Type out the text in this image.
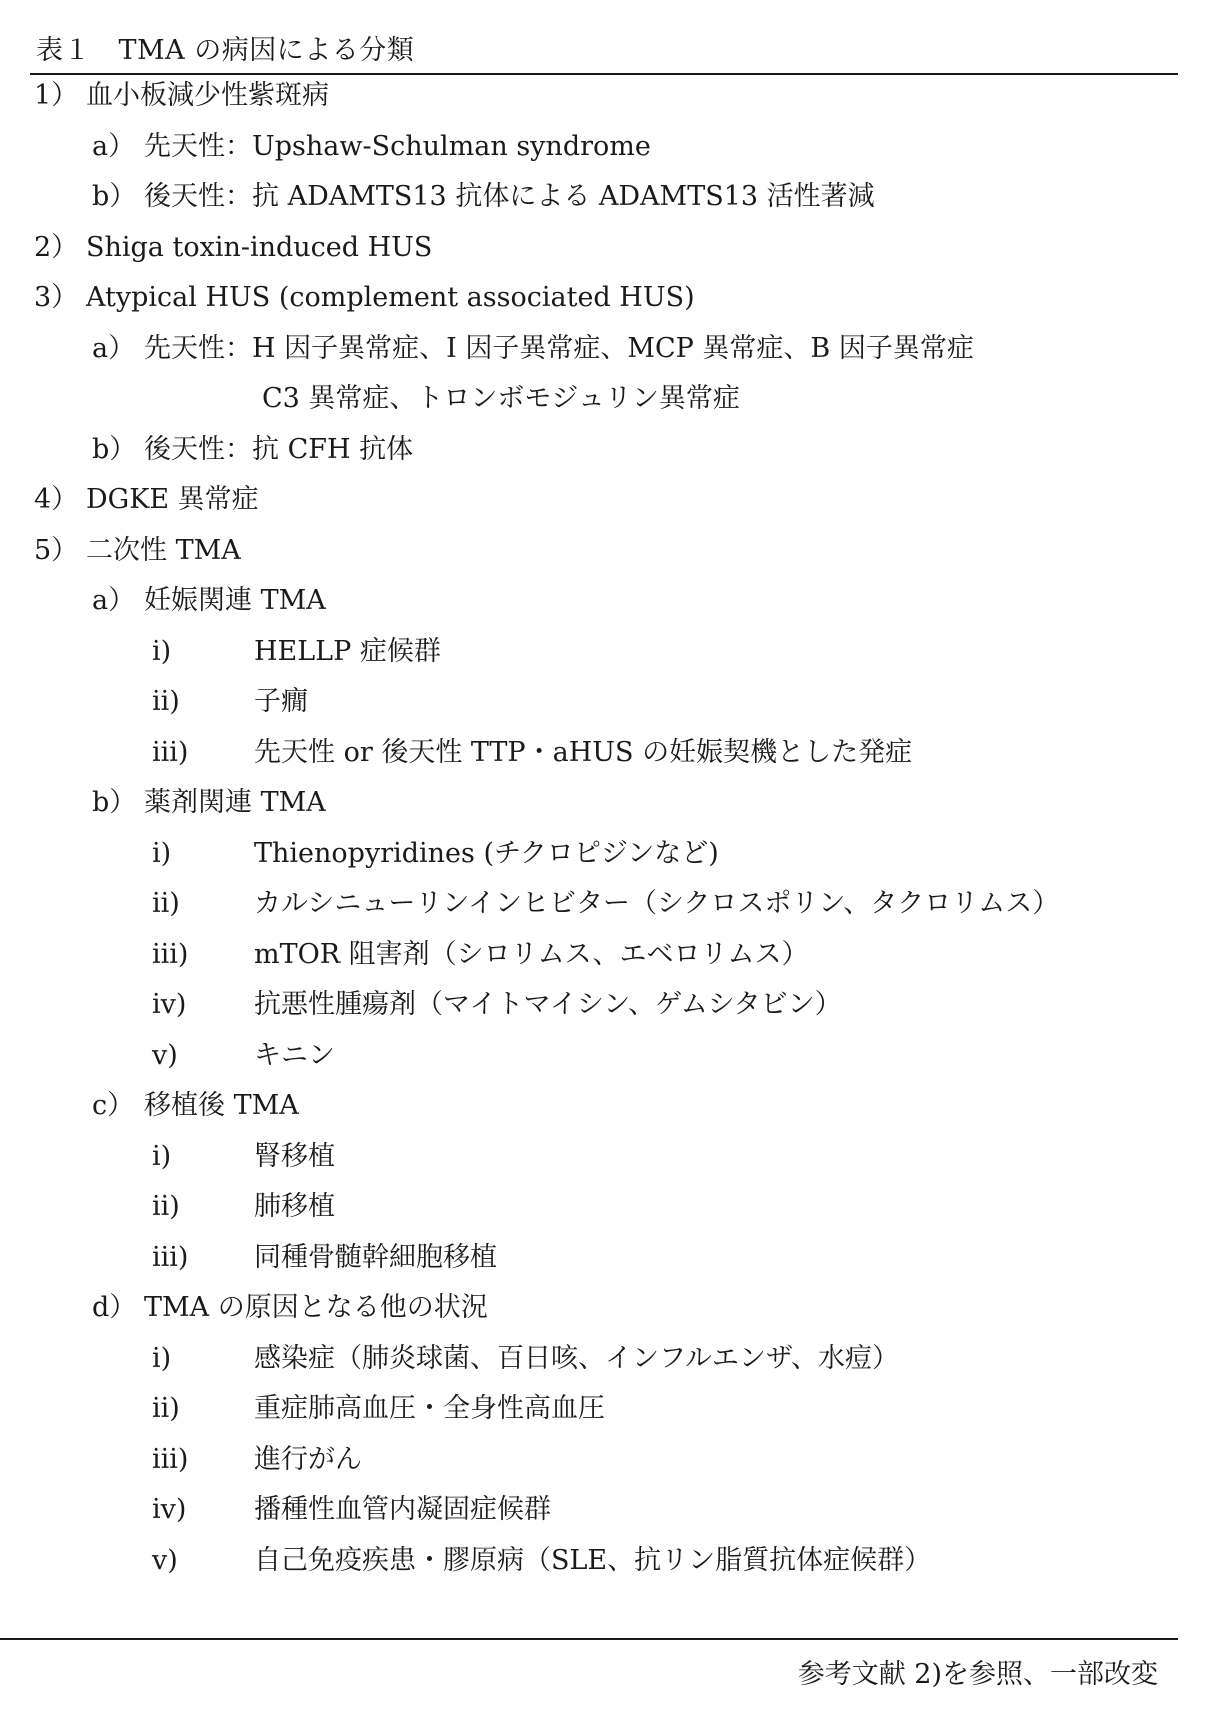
表１　TMA の病因による分類
1） 血小板減少性紫斑病
a） 先天性：Upshaw-Schulman syndrome
b） 後天性：抗 ADAMTS13 抗体による ADAMTS13 活性著減
2） Shiga toxin-induced HUS
3） Atypical HUS (complement associated HUS)
a） 先天性：H 因子異常症、I 因子異常症、MCP 異常症、B 因子異常症
C3 異常症、トロンボモジュリン異常症
b） 後天性：抗 CFH 抗体
4） DGKE 異常症
5） 二次性 TMA
a） 妊娠関連 TMA
i)	HELLP 症候群
ii)	子癇
iii) 先天性 or 後天性 TTP・aHUS の妊娠契機とした発症
b） 薬剤関連 TMA
i)	Thienopyridines (チクロピジンなど)
ii)	カルシニューリンインヒビター（シクロスポリン、タクロリムス）
iii) mTOR 阻害剤（シロリムス、エベロリムス）
iv)	抗悪性腫瘍剤（マイトマイシン、ゲムシタビン）
v)	キニン
c） 移植後 TMA
i)	腎移植
ii)	肺移植
iii) 同種骨髄幹細胞移植
d） TMA の原因となる他の状況
i)	感染症（肺炎球菌、百日咳、インフルエンザ、水痘）
ii)	重症肺高血圧・全身性高血圧
iii) 進行がん
iv)	播種性血管内凝固症候群
v)	自己免疫疾患・膠原病（SLE、抗リン脂質抗体症候群）
参考文献 2)を参照、一部改変
